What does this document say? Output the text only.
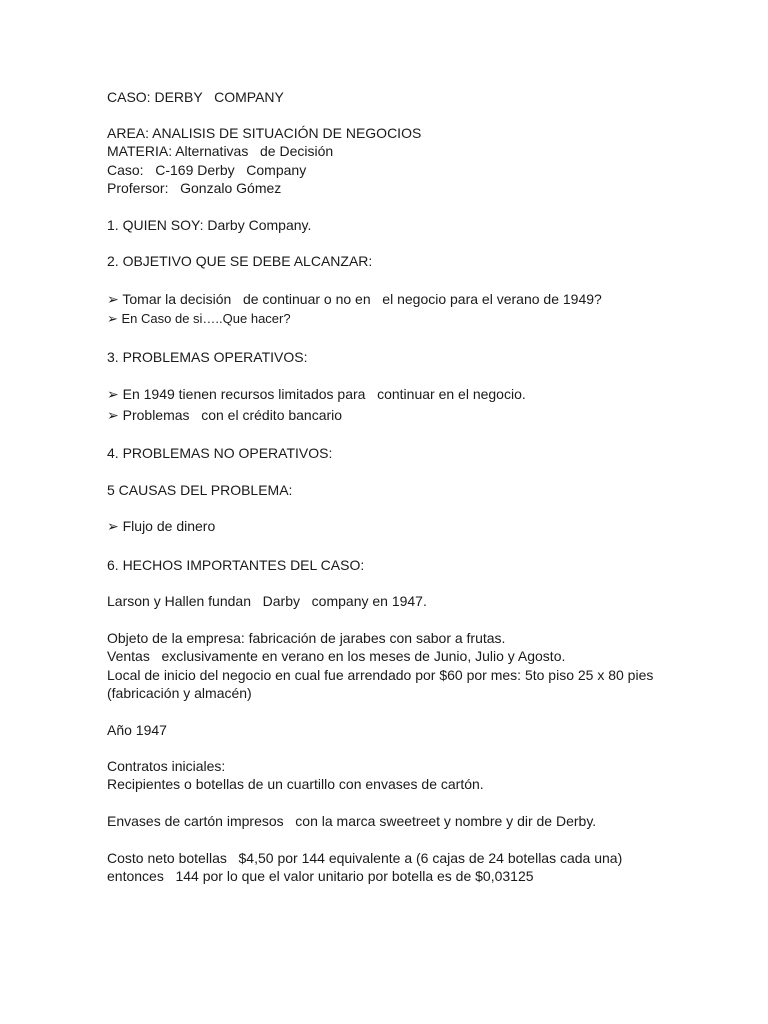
CASO: DERBY   COMPANY

AREA: ANALISIS DE SITUACIÓN DE NEGOCIOS

MATERIA: Alternativas   de Decisión

Caso:   C-169 Derby   Company

Profersor:   Gonzalo Gómez

1. QUIEN SOY: Darby Company.

2. OBJETIVO QUE SE DEBE ALCANZAR:

➢ Tomar la decisión   de continuar o no en   el negocio para el verano de 1949?

➢ En Caso de si…..Que hacer?

3. PROBLEMAS OPERATIVOS:

➢ En 1949 tienen recursos limitados para   continuar en el negocio.

➢ Problemas   con el crédito bancario

4. PROBLEMAS NO OPERATIVOS:

5 CAUSAS DEL PROBLEMA:

➢ Flujo de dinero

6. HECHOS IMPORTANTES DEL CASO:

Larson y Hallen fundan   Darby   company en 1947.

Objeto de la empresa: fabricación de jarabes con sabor a frutas.

Ventas   exclusivamente en verano en los meses de Junio, Julio y Agosto.

Local de inicio del negocio en cual fue arrendado por $60 por mes: 5to piso 25 x 80 pies

(fabricación y almacén)

Año 1947

Contratos iniciales:

Recipientes o botellas de un cuartillo con envases de cartón.

Envases de cartón impresos   con la marca sweetreet y nombre y dir de Derby.

Costo neto botellas   $4,50 por 144 equivalente a (6 cajas de 24 botellas cada una)

entonces   144 por lo que el valor unitario por botella es de $0,03125
